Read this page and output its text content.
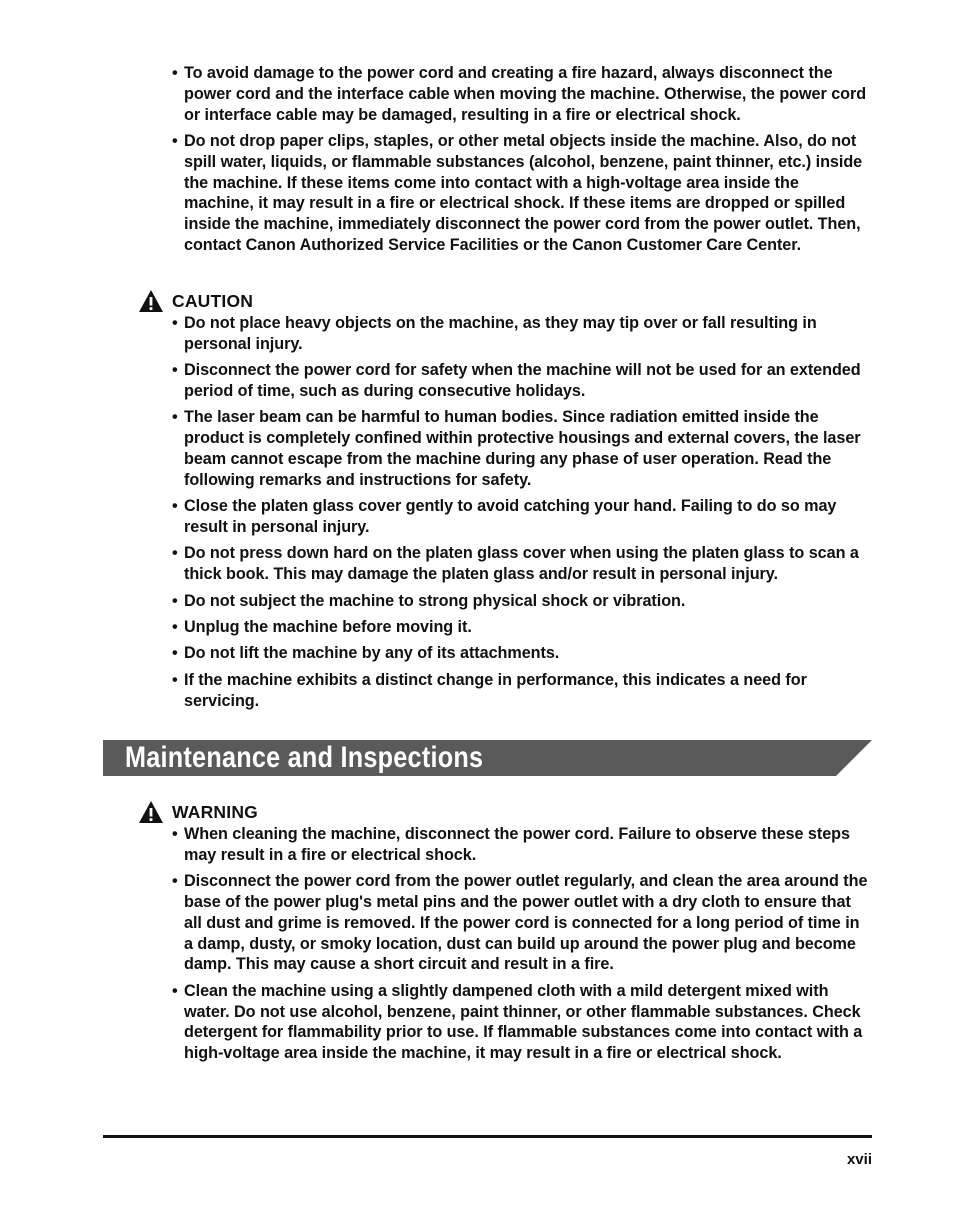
• To avoid damage to the power cord and creating a fire hazard, always disconnect the power cord and the interface cable when moving the machine. Otherwise, the power cord or interface cable may be damaged, resulting in a fire or electrical shock.
• Do not drop paper clips, staples, or other metal objects inside the machine. Also, do not spill water, liquids, or flammable substances (alcohol, benzene, paint thinner, etc.) inside the machine. If these items come into contact with a high-voltage area inside the machine, it may result in a fire or electrical shock. If these items are dropped or spilled inside the machine, immediately disconnect the power cord from the power outlet. Then, contact Canon Authorized Service Facilities or the Canon Customer Care Center.
CAUTION
• Do not place heavy objects on the machine, as they may tip over or fall resulting in personal injury.
• Disconnect the power cord for safety when the machine will not be used for an extended period of time, such as during consecutive holidays.
• The laser beam can be harmful to human bodies. Since radiation emitted inside the product is completely confined within protective housings and external covers, the laser beam cannot escape from the machine during any phase of user operation. Read the following remarks and instructions for safety.
• Close the platen glass cover gently to avoid catching your hand. Failing to do so may result in personal injury.
• Do not press down hard on the platen glass cover when using the platen glass to scan a thick book. This may damage the platen glass and/or result in personal injury.
• Do not subject the machine to strong physical shock or vibration.
• Unplug the machine before moving it.
• Do not lift the machine by any of its attachments.
• If the machine exhibits a distinct change in performance, this indicates a need for servicing.
Maintenance and Inspections
WARNING
• When cleaning the machine, disconnect the power cord. Failure to observe these steps may result in a fire or electrical shock.
• Disconnect the power cord from the power outlet regularly, and clean the area around the base of the power plug's metal pins and the power outlet with a dry cloth to ensure that all dust and grime is removed. If the power cord is connected for a long period of time in a damp, dusty, or smoky location, dust can build up around the power plug and become damp. This may cause a short circuit and result in a fire.
• Clean the machine using a slightly dampened cloth with a mild detergent mixed with water. Do not use alcohol, benzene, paint thinner, or other flammable substances. Check detergent for flammability prior to use. If flammable substances come into contact with a high-voltage area inside the machine, it may result in a fire or electrical shock.
xvii
